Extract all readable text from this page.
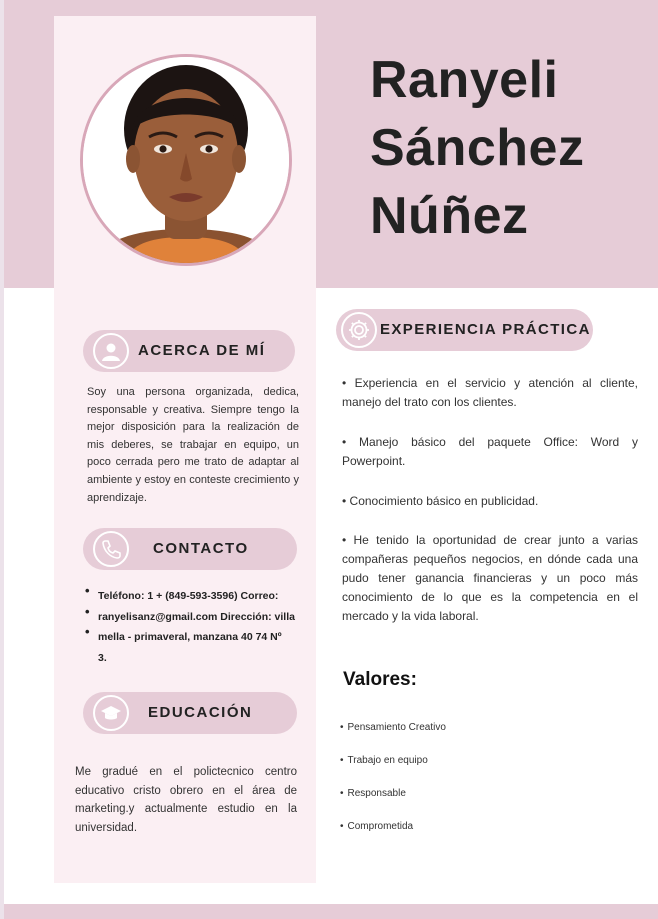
Ranyeli
Sánchez
Núñez
ACERCA DE MÍ

Soy una persona organizada, dedica, responsable y creativa. Siempre tengo la mejor disposición para la realización de mis deberes, se trabajar en equipo, un poco cerrada pero me trato de adaptar al ambiente y estoy en conteste crecimiento y aprendizaje.

CONTACTO
• Teléfono: 1 + (849-593-3596) Correo:
• ranyelisanz@gmail.com Dirección: villa
• mella - primaveral, manzana 40 74 Nº
3.
EDUCACIÓN

Me gradué en el polictecnico centro educativo cristo obrero en el área de marketing.y actualmente estudio en la universidad.

EXPERIENCIA PRÁCTICA

• Experiencia en el servicio y atención al cliente, manejo del trato con los clientes.

• Manejo básico del paquete Office: Word y Powerpoint.

• Conocimiento básico en publicidad.

• He tenido la oportunidad de crear junto a varias compañeras pequeños negocios, en dónde cada una pudo tener ganancia financieras y un poco más conocimiento de lo que es la competencia en el mercado y la vida laboral.

Valores:
• Pensamiento Creativo
• Trabajo en equipo
• Responsable
• Comprometida
